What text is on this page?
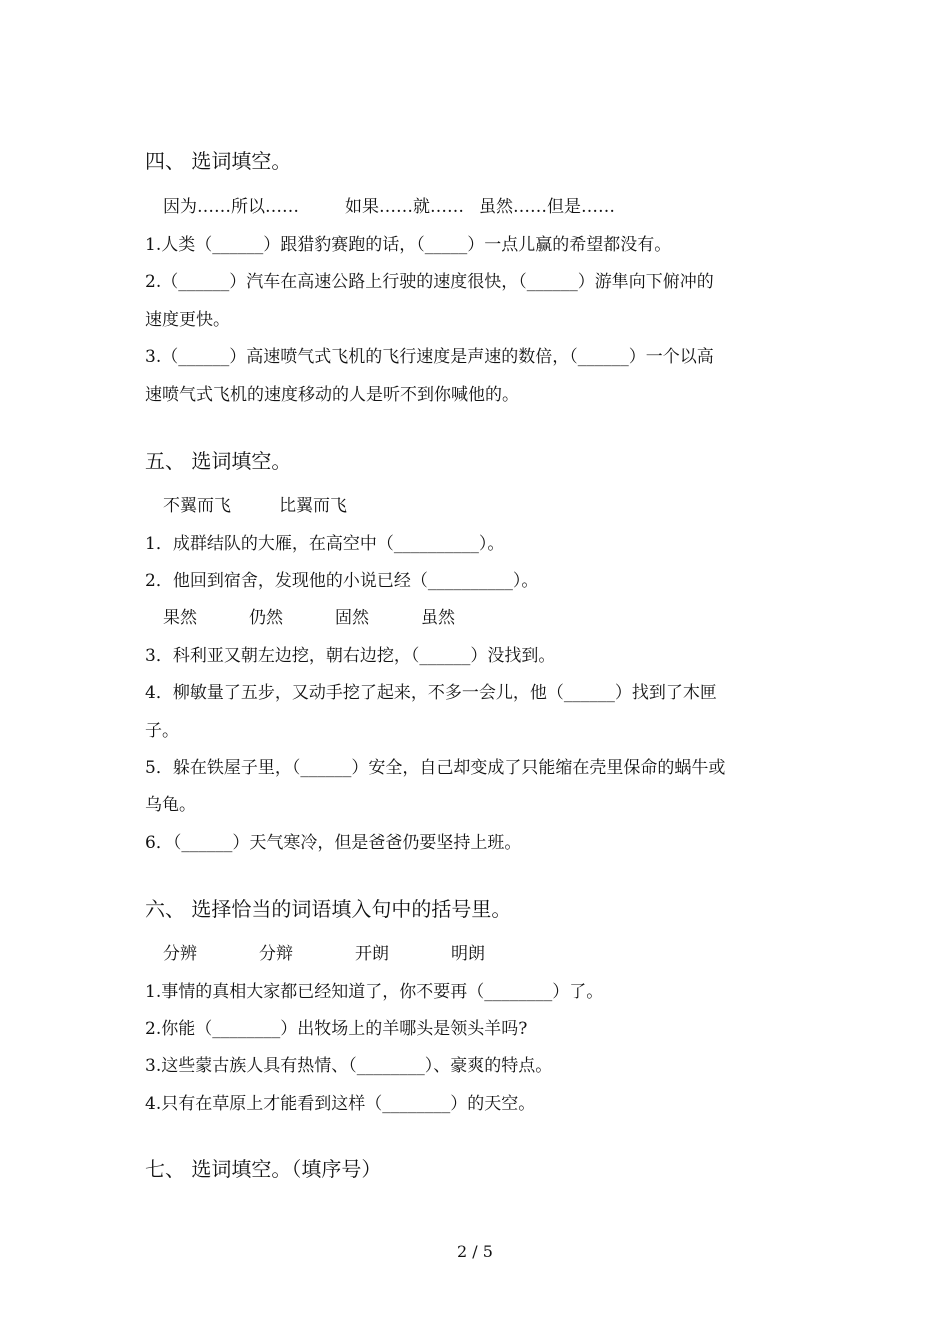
四、 选词填空。
因为……所以……	如果……就…… 虽然……但是……
1.人类（______）跟猎豹赛跑的话，（_____）一点儿赢的希望都没有。
2.（______）汽车在高速公路上行驶的速度很快，（______）游隼向下俯冲的
速度更快。
3.（______）高速喷气式飞机的飞行速度是声速的数倍，（______）一个以高
速喷气式飞机的速度移动的人是听不到你喊他的。
五、 选词填空。
不翼而飞	比翼而飞
1．成群结队的大雁，在高空中（__________）。
2．他回到宿舍，发现他的小说已经（__________）。
果然	仍然	固然	虽然
3．科利亚又朝左边挖，朝右边挖，（______）没找到。
4．柳敏量了五步，又动手挖了起来，不多一会儿，他（______）找到了木匣
子。
5．躲在铁屋子里，（______）安全，自己却变成了只能缩在壳里保命的蜗牛或
乌龟。
6．（______）天气寒冷，但是爸爸仍要坚持上班。
六、 选择恰当的词语填入句中的括号里。
分辨	分辩	开朗	明朗
1.事情的真相大家都已经知道了，你不要再（________）了。
2.你能（________）出牧场上的羊哪头是领头羊吗?
3.这些蒙古族人具有热情、（________）、豪爽的特点。
4.只有在草原上才能看到这样（________）的天空。
七、 选词填空。（填序号）
2 / 5
